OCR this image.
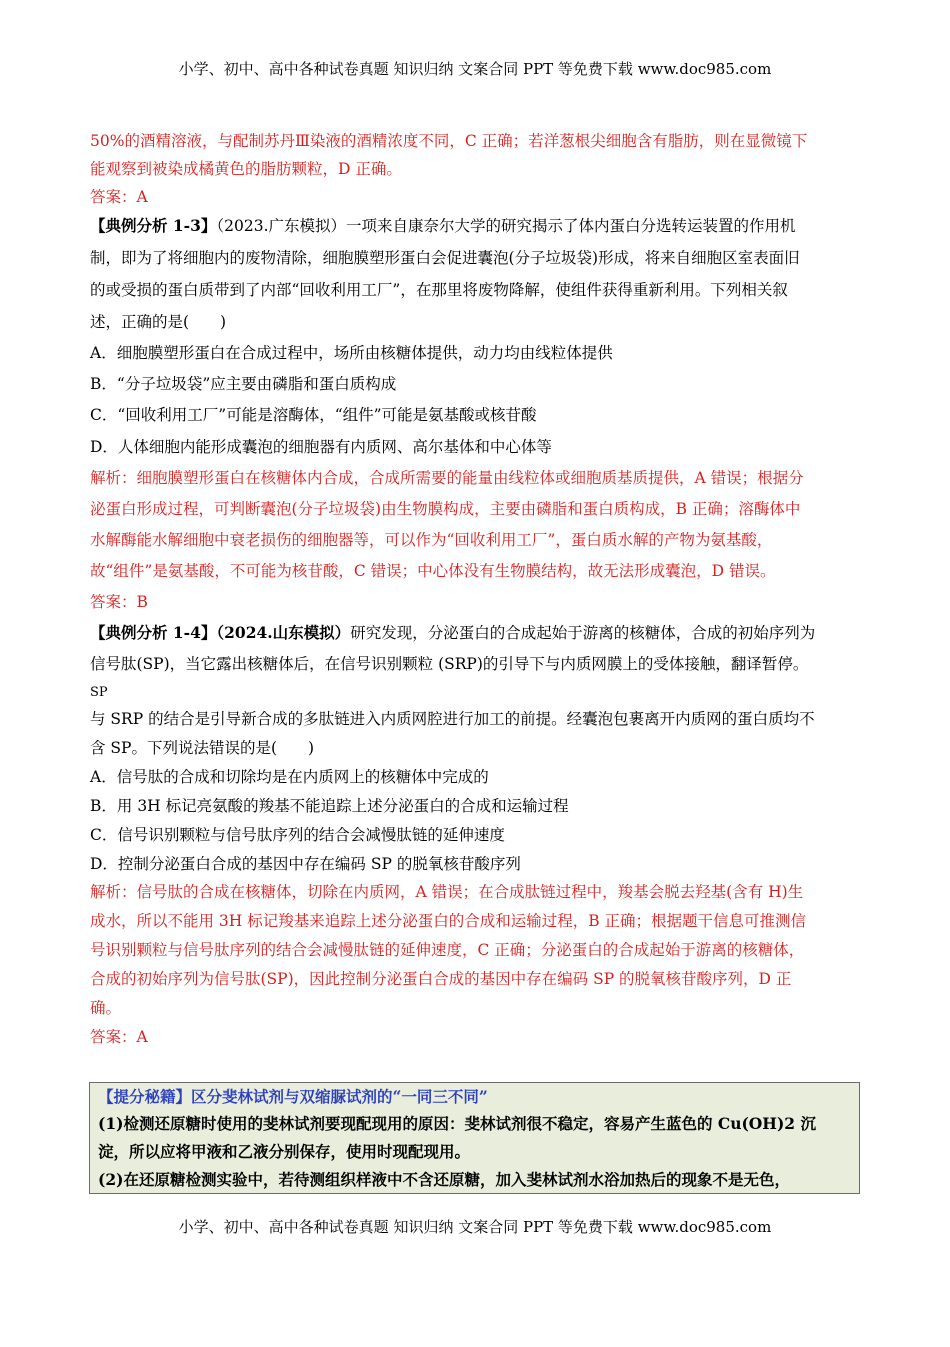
小学、初中、高中各种试卷真题 知识归纳 文案合同 PPT 等免费下载 www.doc985.com
50%的酒精溶液，与配制苏丹Ⅲ染液的酒精浓度不同，C 正确；若洋葱根尖细胞含有脂肪，则在显微镜下
能观察到被染成橘黄色的脂肪颗粒，D 正确。
答案：A
【典例分析 1-3】（2023.广东模拟）一项来自康奈尔大学的研究揭示了体内蛋白分选转运装置的作用机
制，即为了将细胞内的废物清除，细胞膜塑形蛋白会促进囊泡(分子垃圾袋)形成，将来自细胞区室表面旧
的或受损的蛋白质带到了内部“回收利用工厂”，在那里将废物降解，使组件获得重新利用。下列相关叙
述，正确的是(　　)
A．细胞膜塑形蛋白在合成过程中，场所由核糖体提供，动力均由线粒体提供
B．“分子垃圾袋”应主要由磷脂和蛋白质构成
C．“回收利用工厂”可能是溶酶体，“组件”可能是氨基酸或核苷酸
D．人体细胞内能形成囊泡的细胞器有内质网、高尔基体和中心体等
解析：细胞膜塑形蛋白在核糖体内合成，合成所需要的能量由线粒体或细胞质基质提供，A 错误；根据分
泌蛋白形成过程，可判断囊泡(分子垃圾袋)由生物膜构成，主要由磷脂和蛋白质构成，B 正确；溶酶体中
水解酶能水解细胞中衰老损伤的细胞器等，可以作为“回收利用工厂”，蛋白质水解的产物为氨基酸，
故“组件”是氨基酸，不可能为核苷酸，C 错误；中心体没有生物膜结构，故无法形成囊泡，D 错误。
答案：B
【典例分析 1-4】（2024.山东模拟）研究发现，分泌蛋白的合成起始于游离的核糖体，合成的初始序列为
信号肽(SP)，当它露出核糖体后，在信号识别颗粒 (SRP)的引导下与内质网膜上的受体接触，翻译暂停。
SP
与 SRP 的结合是引导新合成的多肽链进入内质网腔进行加工的前提。经囊泡包裹离开内质网的蛋白质均不
含 SP。下列说法错误的是(　　)
A．信号肽的合成和切除均是在内质网上的核糖体中完成的
B．用 3H 标记亮氨酸的羧基不能追踪上述分泌蛋白的合成和运输过程
C．信号识别颗粒与信号肽序列的结合会减慢肽链的延伸速度
D．控制分泌蛋白合成的基因中存在编码 SP 的脱氧核苷酸序列
解析：信号肽的合成在核糖体，切除在内质网，A 错误；在合成肽链过程中，羧基会脱去羟基(含有 H)生
成水，所以不能用 3H 标记羧基来追踪上述分泌蛋白的合成和运输过程，B 正确；根据题干信息可推测信
号识别颗粒与信号肽序列的结合会减慢肽链的延伸速度，C 正确；分泌蛋白的合成起始于游离的核糖体，
合成的初始序列为信号肽(SP)，因此控制分泌蛋白合成的基因中存在编码 SP 的脱氧核苷酸序列，D 正
确。
答案：A
【提分秘籍】区分斐林试剂与双缩脲试剂的“一同三不同”
(1)检测还原糖时使用的斐林试剂要现配现用的原因：斐林试剂很不稳定，容易产生蓝色的 Cu(OH)2 沉
淀，所以应将甲液和乙液分别保存，使用时现配现用。
(2)在还原糖检测实验中，若待测组织样液中不含还原糖，加入斐林试剂水浴加热后的现象不是无色，
小学、初中、高中各种试卷真题 知识归纳 文案合同 PPT 等免费下载 www.doc985.com
